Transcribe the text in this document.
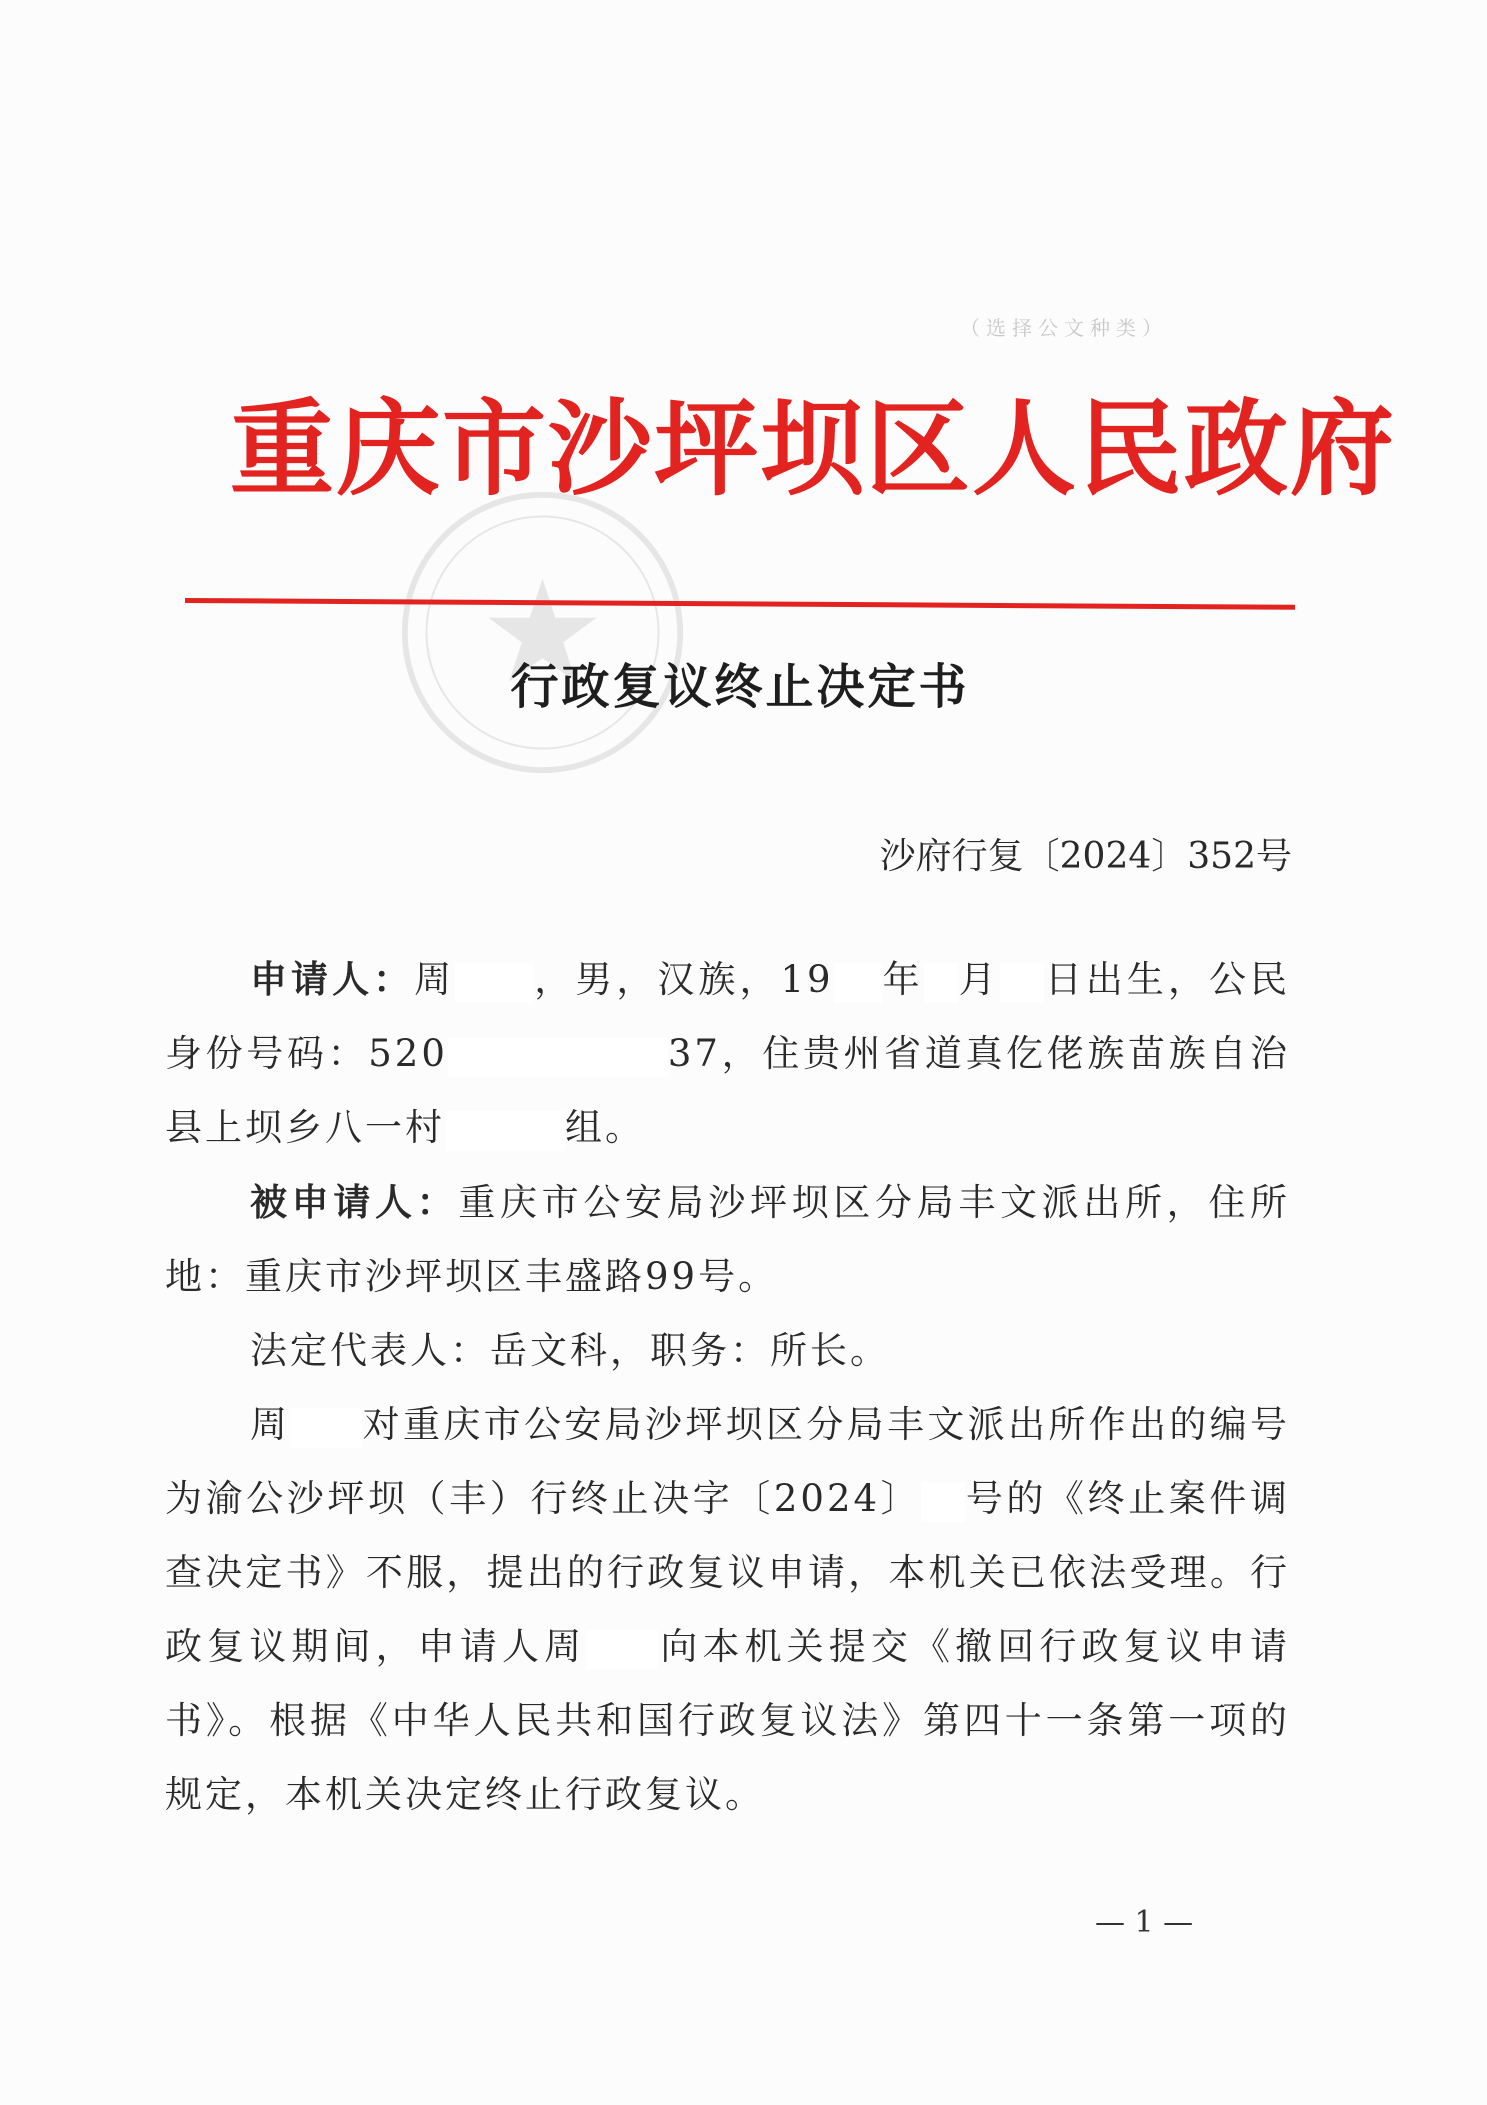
（选择公文种类）
重庆市沙坪坝区人民政府
行政复议终止决定书
沙府行复〔2024〕352号

申请人：周 ，男，汉族，19 年 月 日出生，公民身份号码：520	37，住贵州省道真仡佬族苗族自治县上坝乡八一村	组。

被申请人：重庆市公安局沙坪坝区分局丰文派出所，住所地：重庆市沙坪坝区丰盛路99号。

法定代表人：岳文科，职务：所长。

周 对重庆市公安局沙坪坝区分局丰文派出所作出的编号为渝公沙坪坝（丰）行终止决字〔2024〕 号的《终止案件调查决定书》不服，提出的行政复议申请，本机关已依法受理。行政复议期间，申请人周 向本机关提交《撤回行政复议申请书》。根据《中华人民共和国行政复议法》第四十一条第一项的规定，本机关决定终止行政复议。

— 1 —
